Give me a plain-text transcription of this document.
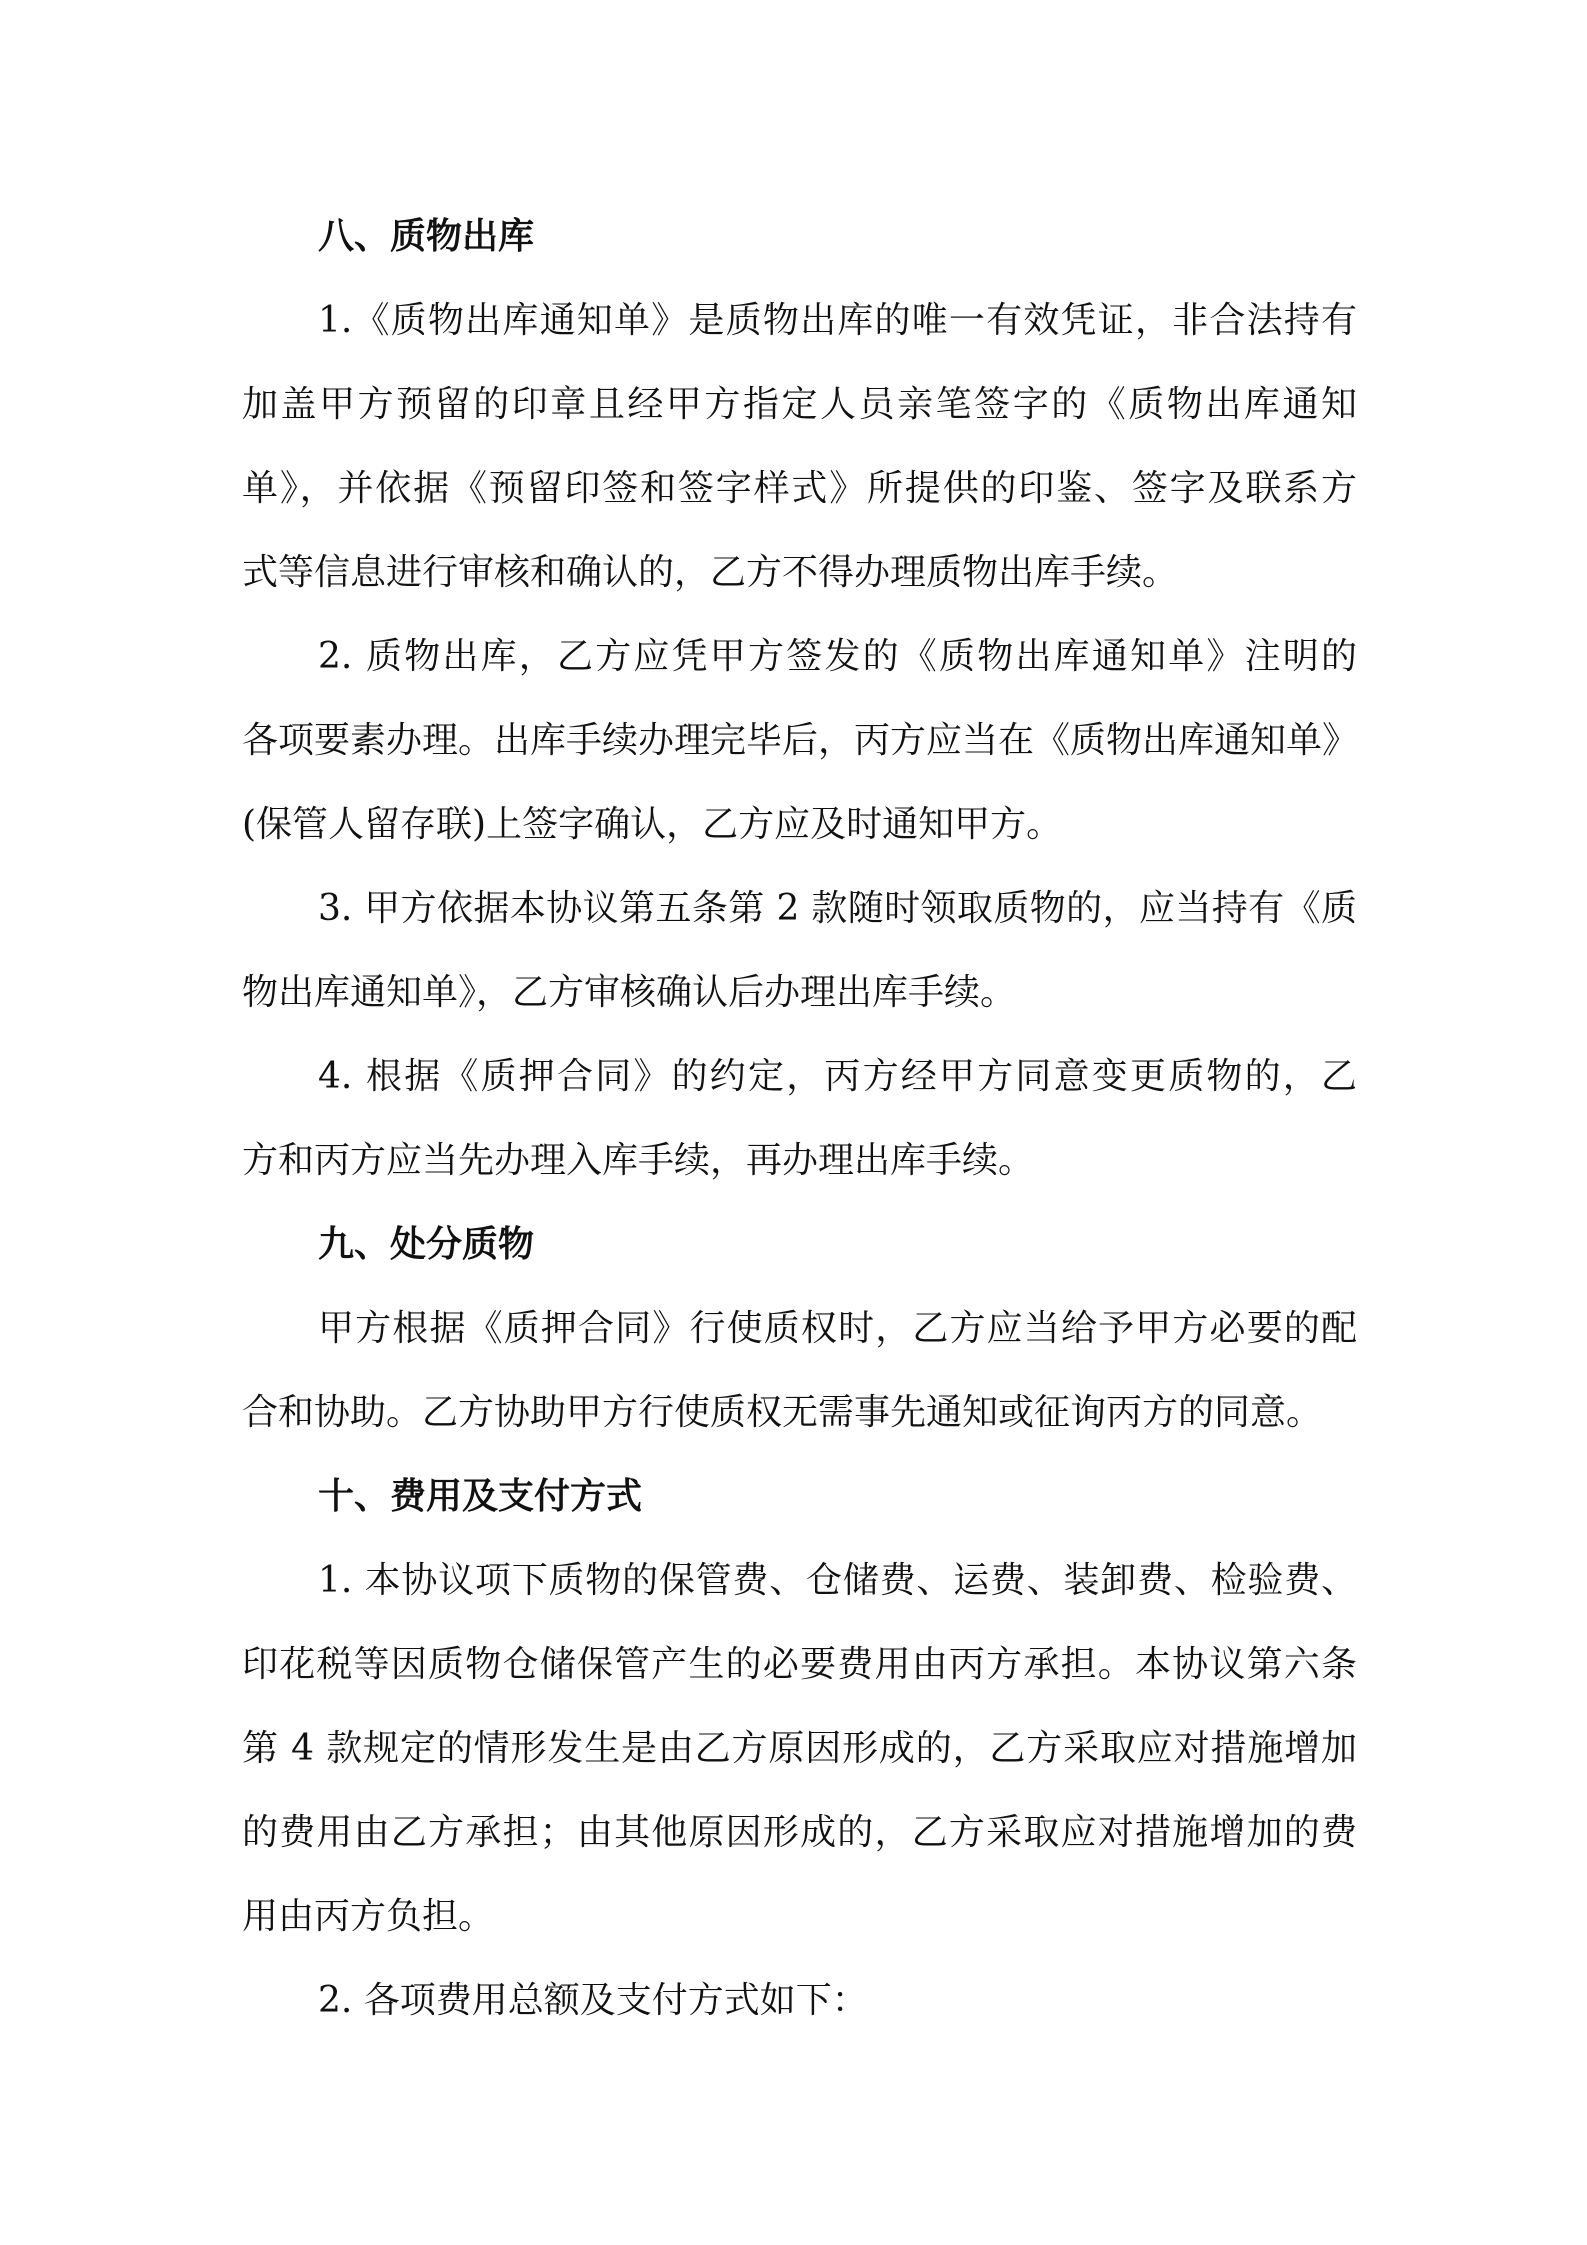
八、质物出库
1.《质物出库通知单》是质物出库的唯一有效凭证，非合法持有
加盖甲方预留的印章且经甲方指定人员亲笔签字的《质物出库通知
单》，并依据《预留印签和签字样式》所提供的印鉴、签字及联系方
式等信息进行审核和确认的，乙方不得办理质物出库手续。
2. 质物出库，乙方应凭甲方签发的《质物出库通知单》注明的
各项要素办理。出库手续办理完毕后，丙方应当在《质物出库通知单》
(保管人留存联)上签字确认，乙方应及时通知甲方。
3. 甲方依据本协议第五条第 2 款随时领取质物的，应当持有《质
物出库通知单》，乙方审核确认后办理出库手续。
4. 根据《质押合同》的约定，丙方经甲方同意变更质物的，乙
方和丙方应当先办理入库手续，再办理出库手续。
九、处分质物
甲方根据《质押合同》行使质权时，乙方应当给予甲方必要的配
合和协助。乙方协助甲方行使质权无需事先通知或征询丙方的同意。
十、费用及支付方式
1. 本协议项下质物的保管费、仓储费、运费、装卸费、检验费、
印花税等因质物仓储保管产生的必要费用由丙方承担。本协议第六条
第 4 款规定的情形发生是由乙方原因形成的，乙方采取应对措施增加
的费用由乙方承担；由其他原因形成的，乙方采取应对措施增加的费
用由丙方负担。
2. 各项费用总额及支付方式如下：
